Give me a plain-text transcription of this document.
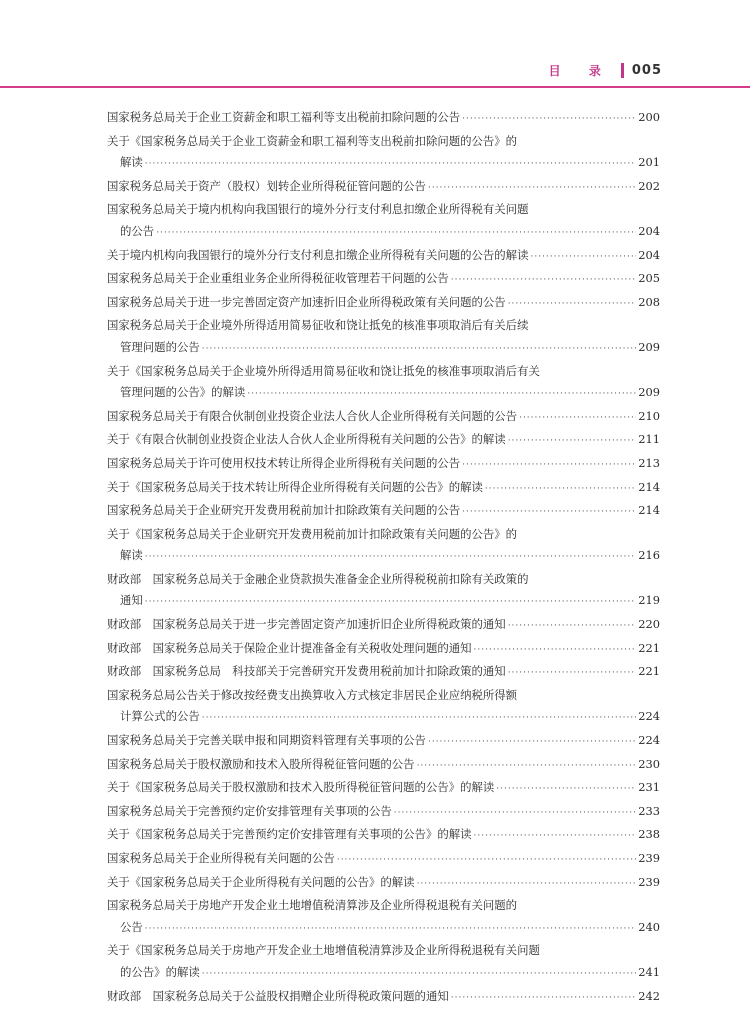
目 录 005
国家税务总局关于企业工资薪金和职工福利等支出税前扣除问题的公告 ·····	200
关于《国家税务总局关于企业工资薪金和职工福利等支出税前扣除问题的公告》的
解读 ·····	201
国家税务总局关于资产（股权）划转企业所得税征管问题的公告 ·····	202
国家税务总局关于境内机构向我国银行的境外分行支付利息扣缴企业所得税有关问题
的公告 ·····	204
关于境内机构向我国银行的境外分行支付利息扣缴企业所得税有关问题的公告的解读 ·····	204
国家税务总局关于企业重组业务企业所得税征收管理若干问题的公告 ·····	205
国家税务总局关于进一步完善固定资产加速折旧企业所得税政策有关问题的公告 ·····	208
国家税务总局关于企业境外所得适用简易征收和饶让抵免的核准事项取消后有关后续
管理问题的公告 ·····	209
关于《国家税务总局关于企业境外所得适用简易征收和饶让抵免的核准事项取消后有关
管理问题的公告》的解读 ·····	209
国家税务总局关于有限合伙制创业投资企业法人合伙人企业所得税有关问题的公告 ·····	210
关于《有限合伙制创业投资企业法人合伙人企业所得税有关问题的公告》的解读 ·····	211
国家税务总局关于许可使用权技术转让所得企业所得税有关问题的公告 ·····	213
关于《国家税务总局关于技术转让所得企业所得税有关问题的公告》的解读 ·····	214
国家税务总局关于企业研究开发费用税前加计扣除政策有关问题的公告 ·····	214
关于《国家税务总局关于企业研究开发费用税前加计扣除政策有关问题的公告》的
解读 ·····	216
财政部　国家税务总局关于金融企业贷款损失准备金企业所得税税前扣除有关政策的
通知 ·····	219
财政部　国家税务总局关于进一步完善固定资产加速折旧企业所得税政策的通知 ·····	220
财政部　国家税务总局关于保险企业计提准备金有关税收处理问题的通知 ·····	221
财政部　国家税务总局　科技部关于完善研究开发费用税前加计扣除政策的通知 ·····	221
国家税务总局公告关于修改按经费支出换算收入方式核定非居民企业应纳税所得额
计算公式的公告 ·····	224
国家税务总局关于完善关联申报和同期资料管理有关事项的公告 ·····	224
国家税务总局关于股权激励和技术入股所得税征管问题的公告 ·····	230
关于《国家税务总局关于股权激励和技术入股所得税征管问题的公告》的解读 ·····	231
国家税务总局关于完善预约定价安排管理有关事项的公告 ·····	233
关于《国家税务总局关于完善预约定价安排管理有关事项的公告》的解读 ·····	238
国家税务总局关于企业所得税有关问题的公告 ·····	239
关于《国家税务总局关于企业所得税有关问题的公告》的解读 ·····	239
国家税务总局关于房地产开发企业土地增值税清算涉及企业所得税退税有关问题的
公告 ·····	240
关于《国家税务总局关于房地产开发企业土地增值税清算涉及企业所得税退税有关问题
的公告》的解读 ·····	241
财政部　国家税务总局关于公益股权捐赠企业所得税政策问题的通知 ·····	242
